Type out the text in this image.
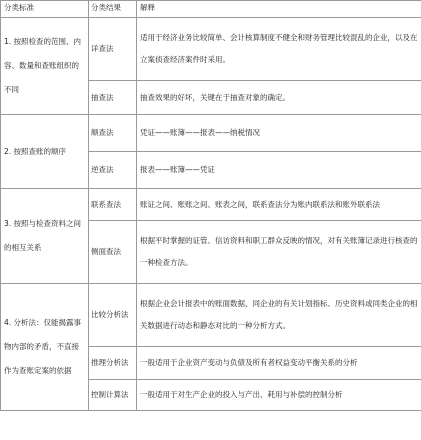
分类标准	分类结果	解释
1. 按照检查的范围、内容、数量和查账组织的不同	详查法	适用于经济业务比较简单、会计核算制度不健全和财务管理比较混乱的企业，以及在立案侦查经济案件时采用。
	抽查法	抽查效果的好坏，关键在于抽查对象的确定。
2. 按照查账的顺序	顺查法	凭证——账簿——报表——纳税情况
	逆查法	报表——账簿——凭证
3. 按照与检查资料之间的相互关系	联系查法	账证之间、账账之间、账表之间，联系查法分为账内联系法和账外联系法
	侧面查法	根据平时掌握的证管、信访资料和职工群众反映的情况，对有关账簿记录进行核查的一种检查方法。
4. 分析法：仅能揭露事物内部的矛盾，不直接作为查账定案的依据	比较分析法	根据企业会计报表中的账面数据，同企业的有关计划指标、历史资料或同类企业的相关数据进行动态和静态对比的一种分析方式。
	推理分析法	一般适用于企业资产变动与负债及所有者权益变动平衡关系的分析
	控制计算法	一般适用于对生产企业的投入与产出、耗用与补偿的控制分析
